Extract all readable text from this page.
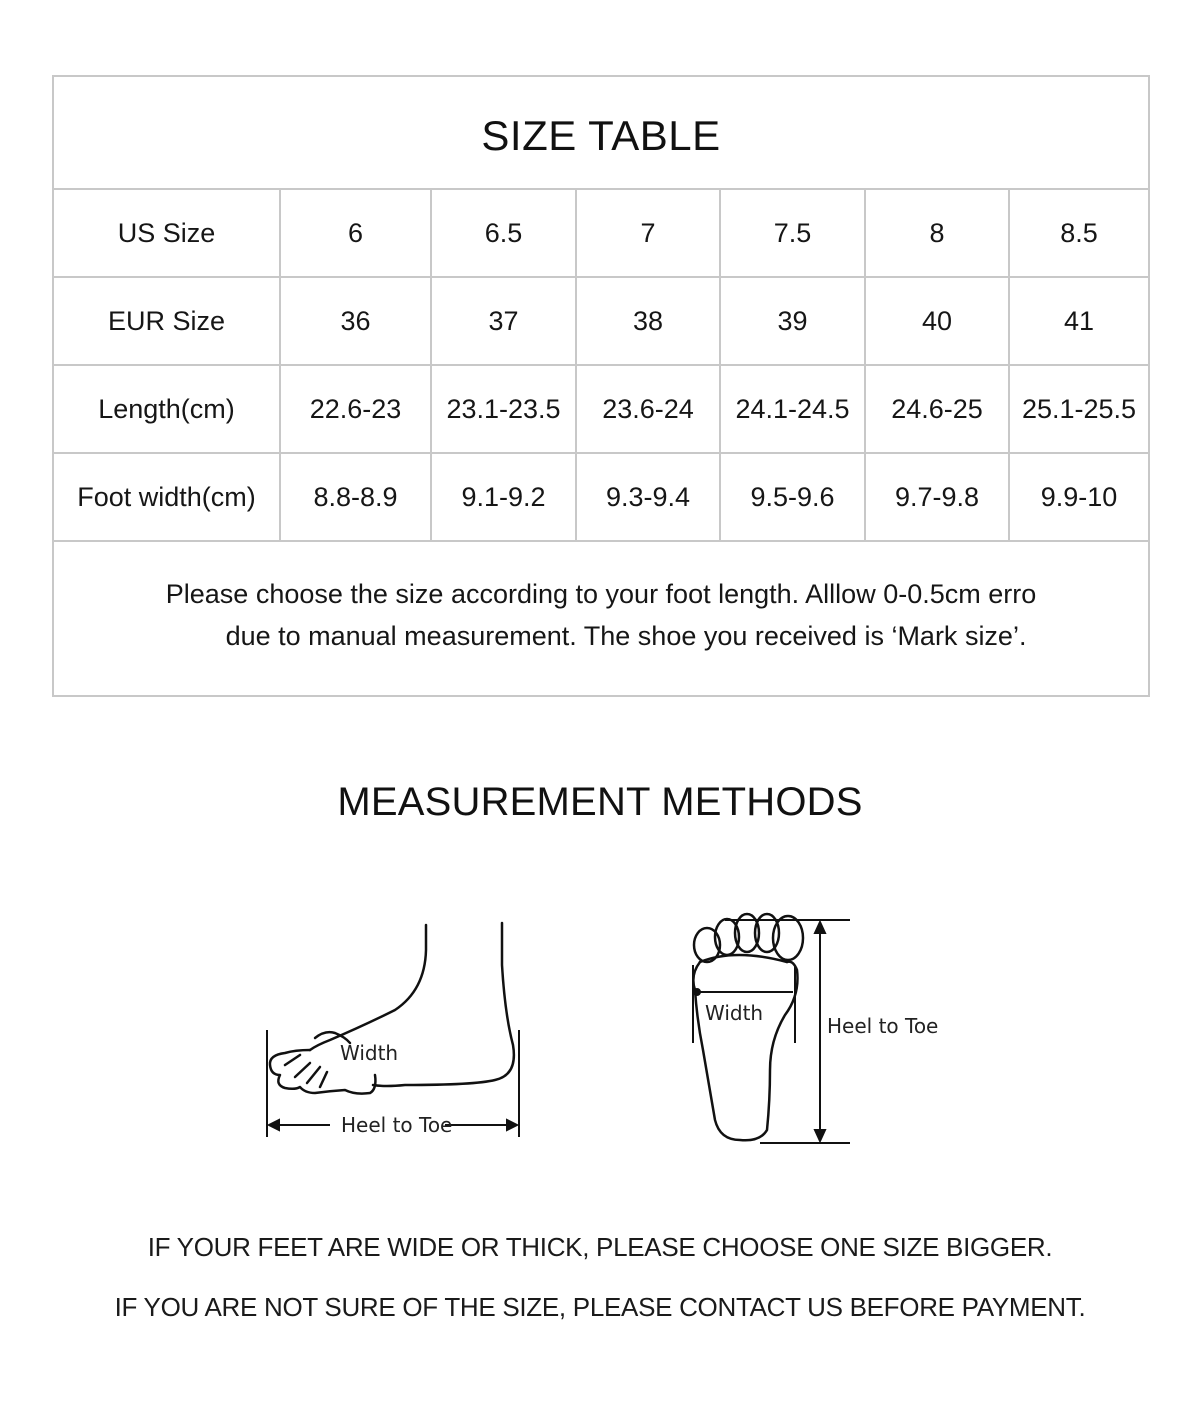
SIZE TABLE						
US Size	6	6.5	7	7.5	8	8.5
EUR Size	36	37	38	39	40	41
Length(cm)	22.6-23	23.1-23.5	23.6-24	24.1-24.5	24.6-25	25.1-25.5
Foot width(cm)	8.8-8.9	9.1-9.2	9.3-9.4	9.5-9.6	9.7-9.8	9.9-10

Please choose the size according to your foot length. Alllow 0-0.5cm erro
due to manual measurement. The shoe you received is ‘Mark size’.						
MEASUREMENT METHODS
Width
Heel to Toe
Width
Heel to Toe
IF YOUR FEET ARE WIDE OR THICK, PLEASE CHOOSE ONE SIZE BIGGER.
IF YOU ARE NOT SURE OF THE SIZE, PLEASE CONTACT US BEFORE PAYMENT.
